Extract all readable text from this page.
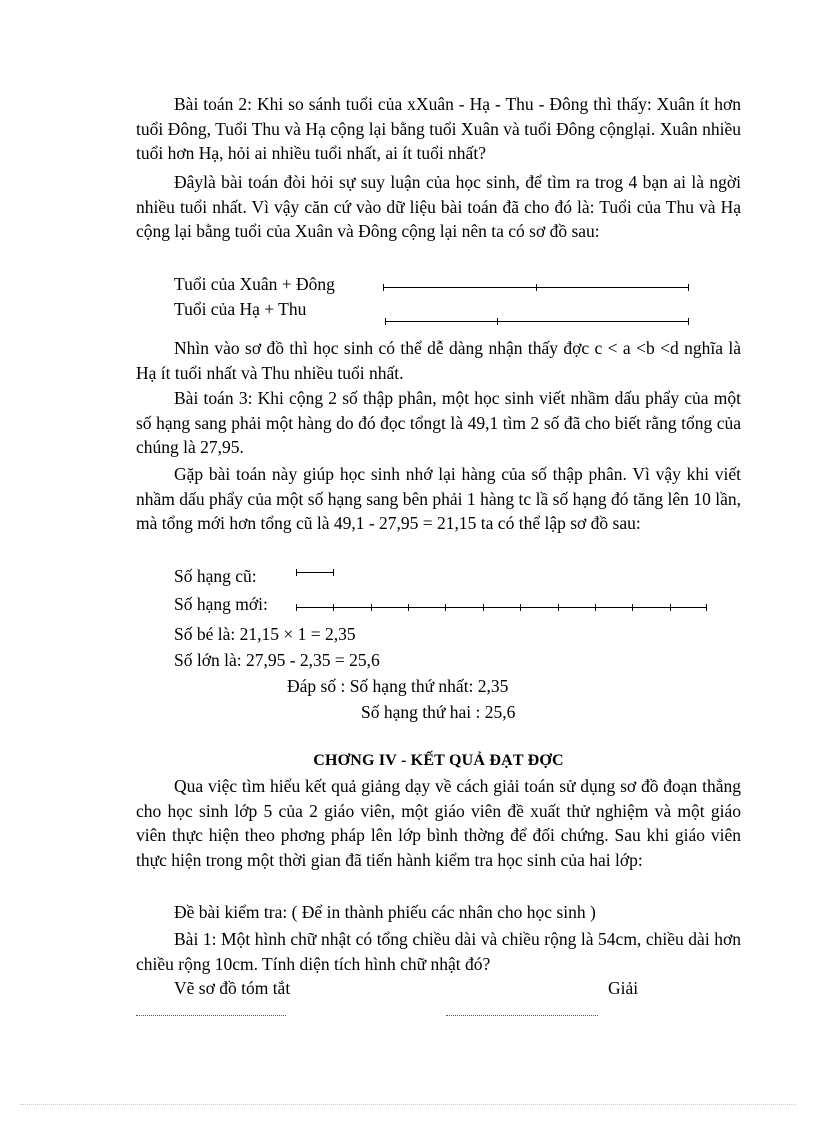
Bài toán 2: Khi so sánh tuổi của xXuân - Hạ - Thu - Đông thì thấy: Xuân ít hơn tuổi Đông, Tuổi Thu và Hạ cộng lại bằng tuổi Xuân và tuổi Đông cộnglại. Xuân nhiều tuổi hơn Hạ, hỏi ai nhiều tuổi nhất, ai ít tuổi nhất?

Đâylà bài toán đòi hỏi sự suy luận của học sinh, để tìm ra trog 4 bạn ai là ngời nhiều tuổi nhất. Vì vậy căn cứ vào dữ liệu bài toán đã cho đó là: Tuổi của Thu và Hạ cộng lại bằng tuổi của Xuân và Đông cộng lại nên ta có sơ đồ sau:

Tuổi của Xuân + Đông

Tuổi của Hạ + Thu

Nhìn vào sơ đồ thì học sinh có thể dễ dàng nhận thấy đợc c < a <b <d nghĩa là Hạ ít tuổi nhất và Thu nhiều tuổi nhất.

Bài toán 3: Khi cộng 2 số thập phân, một học sinh viết nhầm dấu phẩy của một số hạng sang phải một hàng do đó đọc tổngt là 49,1 tìm 2 số đã cho biết rằng tổng của chúng là 27,95.

Gặp bài toán này giúp học sinh nhớ lại hàng của số thập phân. Vì vậy khi viết nhầm dấu phẩy của một số hạng sang bên phải 1 hàng tc lầ số hạng đó tăng lên 10 lần, mà tổng mới hơn tổng cũ là 49,1 - 27,95 = 21,15 ta có thể lập sơ đồ sau:

Số hạng cũ:

Số hạng mới:

Số bé là: 21,15 × 1 = 2,35

Số lớn là: 27,95 - 2,35 = 25,6

Đáp số : Số hạng thứ nhất: 2,35

Số hạng thứ hai : 25,6

CHƠNG IV - KẾT QUẢ ĐẠT ĐỢC

Qua việc tìm hiểu kết quả giảng dạy về cách giải toán sử dụng sơ đồ đoạn thẳng cho học sinh lớp 5 của 2 giáo viên, một giáo viên đề xuất thử nghiệm và một giáo viên thực hiện theo phơng pháp lên lớp bình thờng để đối chứng. Sau khi giáo viên thực hiện trong một thời gian đã tiến hành kiểm tra học sinh của hai lớp:

Đề bài kiểm tra: ( Để in thành phiếu các nhân cho học sinh )

Bài 1: Một hình chữ nhật có tổng chiều dài và chiều rộng là 54cm, chiều dài hơn chiều rộng 10cm. Tính diện tích hình chữ nhật đó?

Vẽ sơ đồ tóm tắt	Giải
